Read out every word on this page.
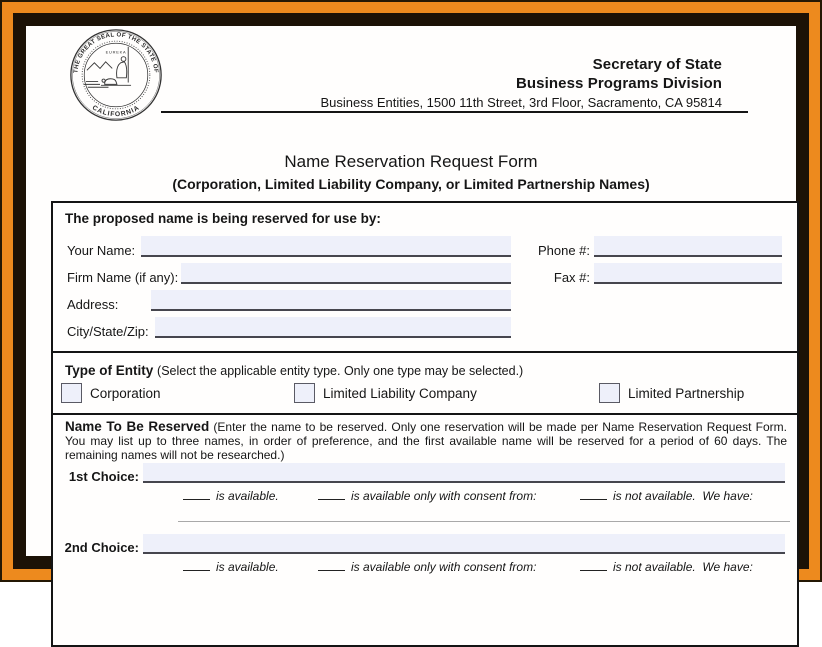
THE GREAT SEAL OF THE STATE OF
CALIFORNIA
EUREKA
Secretary of State
Business Programs Division
Business Entities, 1500 11th Street, 3rd Floor, Sacramento, CA 95814
Name Reservation Request Form
(Corporation, Limited Liability Company, or Limited Partnership Names)
The proposed name is being reserved for use by:
Your Name:	Phone #:
Firm Name (if any):	Fax #:
Address:
City/State/Zip:
Type of Entity (Select the applicable entity type. Only one type may be selected.)
Corporation	Limited Liability Company	Limited Partnership

Name To Be Reserved (Enter the name to be reserved. Only one reservation will be made per Name Reservation Request Form. You may list up to three names, in order of preference, and the first available name will be reserved for a period of 60 days. The remaining names will not be researched.)

1st Choice:
is available.	is available only with consent from:	is not available.  We have:
2nd Choice:
is available.	is available only with consent from:	is not available.  We have:
